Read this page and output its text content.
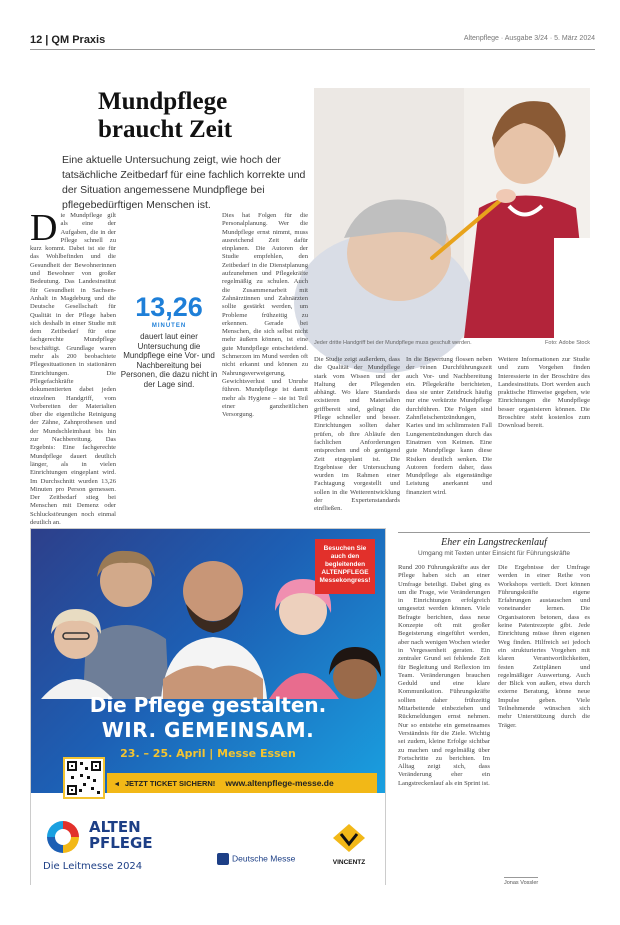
12 | QM Praxis	Altenpflege · Ausgabe 3/24 · 5. März 2024
Mundpflege
braucht Zeit
Eine aktuelle Untersuchung zeigt, wie hoch der tatsächliche Zeitbedarf für eine fachlich korrekte und der Situation angemessene Mundpflege bei pflegebedürftigen Menschen ist.
Jeder dritte Handgriff bei der Mundpflege muss geschult werden.	Foto: Adobe Stock
D ie Mundpflege gilt als eine der Aufgaben, die in der Pflege schnell zu kurz kommt. Dabei ist sie für das Wohlbefinden und die Gesundheit der Bewohnerinnen und Bewohner von großer Bedeutung. Das Landesinstitut für Gesundheit in Sachsen-Anhalt in Magdeburg und die Deutsche Gesellschaft für Qualität in der Pflege haben sich deshalb in einer Studie mit dem Zeitbedarf für eine fachgerechte Mundpflege beschäftigt. Grundlage waren mehr als 200 beobachtete Pflegesituationen in stationären Einrichtungen. Die Pflegefachkräfte dokumentierten dabei jeden einzelnen Handgriff, vom Vorbereiten der Materialien über die eigentliche Reinigung der Zähne, Zahnprothesen und der Mundschleimhaut bis hin zur Nachbereitung. Das Ergebnis: Eine fachgerechte Mundpflege dauert deutlich länger, als in vielen Einrichtungen eingeplant wird. Im Durchschnitt wurden 13,26 Minuten pro Person gemessen. Der Zeitbedarf stieg bei Menschen mit Demenz oder Schluckstörungen noch einmal deutlich an.
13,26
MINUTEN
dauert laut einer Untersuchung die Mundpflege eine Vor- und Nachbereitung bei Personen, die dazu nicht in der Lage sind.
Dies hat Folgen für die Personalplanung. Wer die Mundpflege ernst nimmt, muss ausreichend Zeit dafür einplanen. Die Autoren der Studie empfehlen, den Zeitbedarf in die Dienstplanung aufzunehmen und Pflegekräfte regelmäßig zu schulen. Auch die Zusammenarbeit mit Zahnärztinnen und Zahnärzten sollte gestärkt werden, um Probleme frühzeitig zu erkennen. Gerade bei Menschen, die sich selbst nicht mehr äußern können, ist eine gute Mundpflege entscheidend. Schmerzen im Mund werden oft nicht erkannt und können zu Nahrungsverweigerung, Gewichtsverlust und Unruhe führen. Mundpflege ist damit mehr als Hygiene – sie ist Teil einer ganzheitlichen Versorgung.
Die Studie zeigt außerdem, dass die Qualität der Mundpflege stark vom Wissen und der Haltung der Pflegenden abhängt. Wo klare Standards existieren und Materialien griffbereit sind, gelingt die Pflege schneller und besser. Einrichtungen sollten daher prüfen, ob ihre Abläufe den fachlichen Anforderungen entsprechen und ob genügend Zeit eingeplant ist. Die Ergebnisse der Untersuchung wurden im Rahmen einer Fachtagung vorgestellt und sollen in die Weiterentwicklung der Expertenstandards einfließen.
In die Bewertung flossen neben der reinen Durchführungszeit auch Vor- und Nachbereitung ein. Pflegekräfte berichteten, dass sie unter Zeitdruck häufig nur eine verkürzte Mundpflege durchführen. Die Folgen sind Zahnfleischentzündungen, Karies und im schlimmsten Fall Lungenentzündungen durch das Einatmen von Keimen. Eine gute Mundpflege kann diese Risiken deutlich senken. Die Autoren fordern daher, dass Mundpflege als eigenständige Leistung anerkannt und finanziert wird.
Weitere Informationen zur Studie und zum Vorgehen finden Interessierte in der Broschüre des Landesinstituts. Dort werden auch praktische Hinweise gegeben, wie Einrichtungen die Mundpflege besser organisieren können. Die Broschüre steht kostenlos zum Download bereit.
Besuchen Sie auch den begleitenden ALTENPFLEGE Messekongress!
Die Pflege gestalten.
WIR. GEMEINSAM.
23. – 25. April | Messe Essen
◂ JETZT TICKET SICHERN! www.altenpflege-messe.de
ALTEN
PFLEGE
Die Leitmesse 2024
Deutsche Messe	VINCENTZ
Eher ein Langstreckenlauf
Umgang mit Texten unter Einsicht für Führungskräfte
Rund 200 Führungskräfte aus der Pflege haben sich an einer Umfrage beteiligt. Dabei ging es um die Frage, wie Veränderungen in Einrichtungen erfolgreich umgesetzt werden können. Viele Befragte berichten, dass neue Konzepte oft mit großer Begeisterung eingeführt werden, aber nach wenigen Wochen wieder in Vergessenheit geraten. Ein zentraler Grund sei fehlende Zeit für Begleitung und Reflexion im Team. Veränderungen brauchen Geduld und eine klare Kommunikation. Führungskräfte sollten daher frühzeitig Mitarbeitende einbeziehen und Rückmeldungen ernst nehmen. Nur so entstehe ein gemeinsames Verständnis für die Ziele. Wichtig sei zudem, kleine Erfolge sichtbar zu machen und regelmäßig über Fortschritte zu berichten. Im Alltag zeigt sich, dass Veränderung eher ein Langstreckenlauf als ein Sprint ist.
Die Ergebnisse der Umfrage werden in einer Reihe von Workshops vertieft. Dort können Führungskräfte eigene Erfahrungen austauschen und voneinander lernen. Die Organisatoren betonen, dass es keine Patentrezepte gibt. Jede Einrichtung müsse ihren eigenen Weg finden. Hilfreich sei jedoch ein strukturiertes Vorgehen mit klaren Verantwortlichkeiten, festen Zeitplänen und regelmäßiger Auswertung. Auch der Blick von außen, etwa durch externe Beratung, könne neue Impulse geben. Viele Teilnehmende wünschen sich mehr Unterstützung durch die Träger.
Jonas Vossler
